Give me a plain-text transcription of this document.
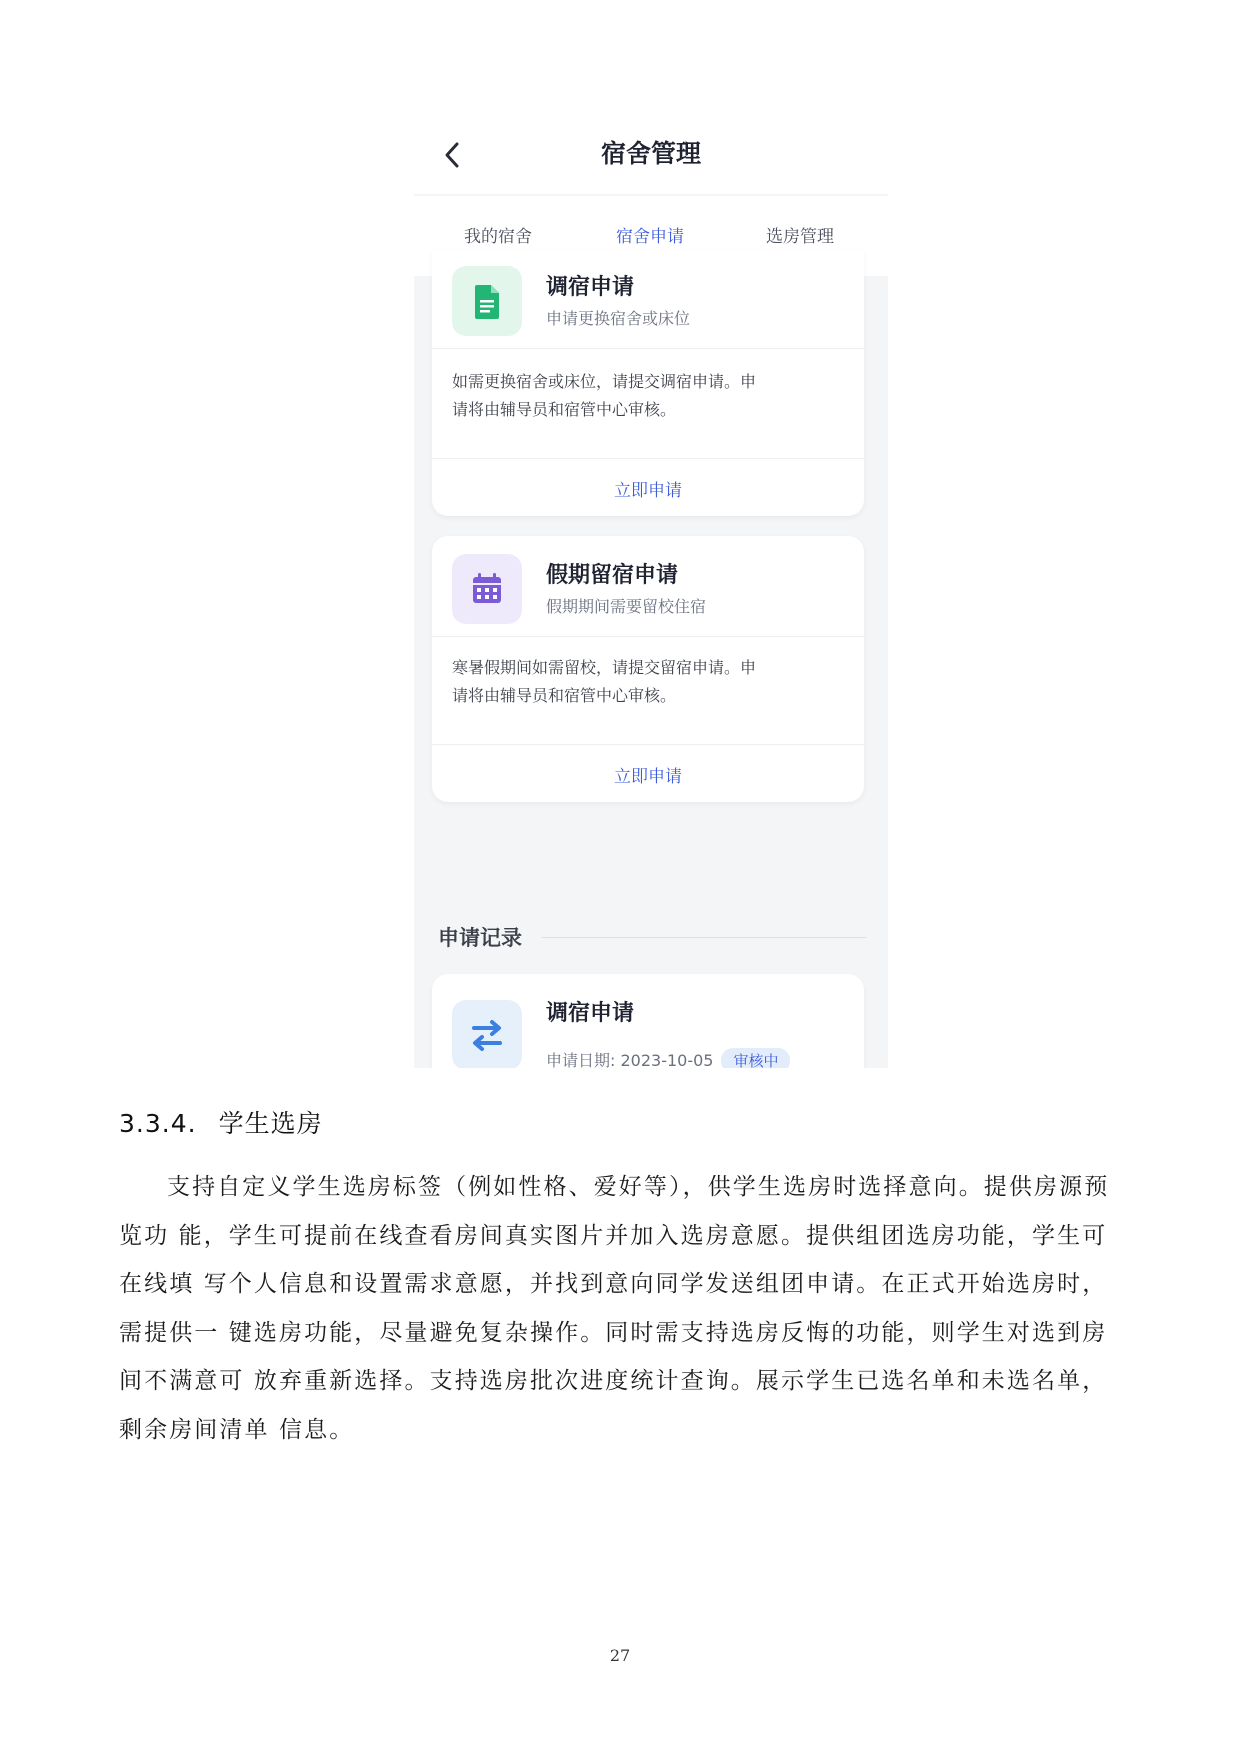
宿舍管理
我的宿舍	宿舍申请	选房管理
调宿申请
申请更换宿舍或床位
如需更换宿舍或床位，请提交调宿申请。申
请将由辅导员和宿管中心审核。
立即申请
假期留宿申请
假期期间需要留校住宿
寒暑假期间如需留校，请提交留宿申请。申
请将由辅导员和宿管中心审核。
立即申请
申请记录
调宿申请
申请日期: 2023-10-05 审核中
3.3.4. 学生选房
支持自定义学生选房标签（例如性格、爱好等），供学生选房时选择意向。提供房源预
览功 能，学生可提前在线查看房间真实图片并加入选房意愿。提供组团选房功能，学生可
在线填 写个人信息和设置需求意愿，并找到意向同学发送组团申请。在正式开始选房时，
需提供一 键选房功能，尽量避免复杂操作。同时需支持选房反悔的功能，则学生对选到房
间不满意可 放弃重新选择。支持选房批次进度统计查询。展示学生已选名单和未选名单，
剩余房间清单 信息。
27
